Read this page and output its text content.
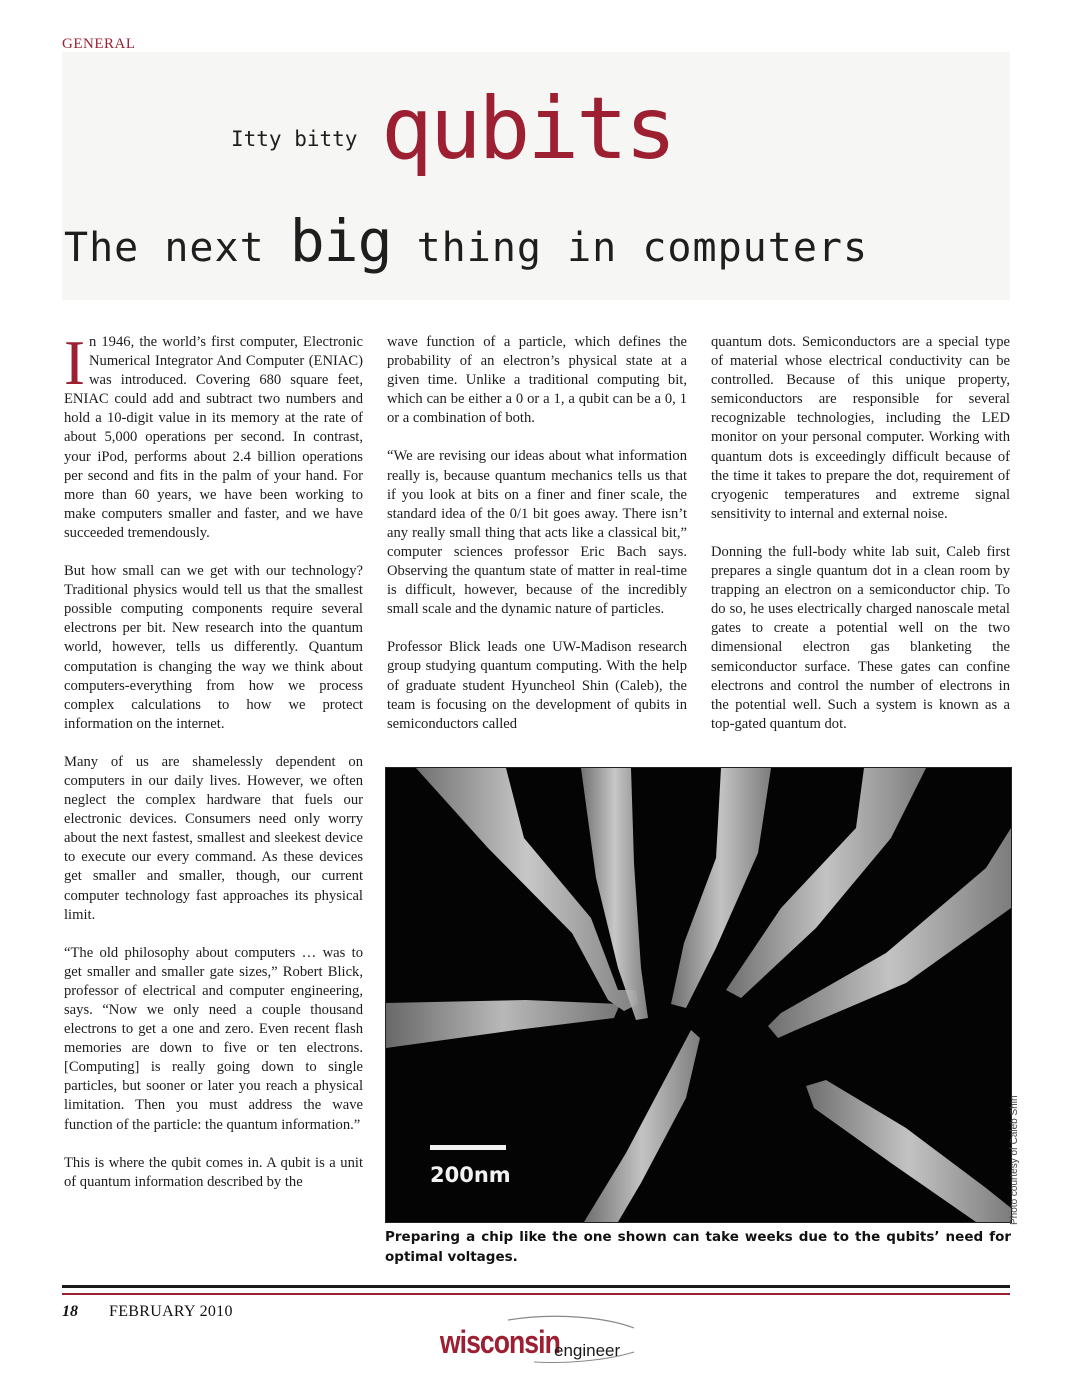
GENERAL
Itty bitty qubits
The next big thing in computers

In 1946, the world’s first computer, Electronic Numerical Integrator And Computer (ENIAC) was introduced. Covering 680 square feet, ENIAC could add and subtract two numbers and hold a 10-digit value in its memory at the rate of about 5,000 operations per second. In contrast, your iPod, performs about 2.4 billion operations per second and fits in the palm of your hand. For more than 60 years, we have been working to make computers smaller and faster, and we have succeeded tremendously.

But how small can we get with our technology? Traditional physics would tell us that the smallest possible computing components require several electrons per bit. New research into the quantum world, however, tells us differently. Quantum computation is changing the way we think about computers-everything from how we process complex calculations to how we protect information on the internet.

Many of us are shamelessly dependent on computers in our daily lives. However, we often neglect the complex hardware that fuels our electronic devices. Consumers need only worry about the next fastest, smallest and sleekest device to execute our every command. As these devices get smaller and smaller, though, our current computer technology fast approaches its physical limit.

“The old philosophy about computers … was to get smaller and smaller gate sizes,” Robert Blick, professor of electrical and computer engineering, says. “Now we only need a couple thousand electrons to get a one and zero. Even recent flash memories are down to five or ten electrons. [Computing] is really going down to single particles, but sooner or later you reach a physical limitation. Then you must address the wave function of the particle: the quantum information.”

This is where the qubit comes in. A qubit is a unit of quantum information described by the

wave function of a particle, which defines the probability of an electron’s physical state at a given time. Unlike a traditional computing bit, which can be either a 0 or a 1, a qubit can be a 0, 1 or a combination of both.

“We are revising our ideas about what information really is, because quantum mechanics tells us that if you look at bits on a finer and finer scale, the standard idea of the 0/1 bit goes away. There isn’t any really small thing that acts like a classical bit,” computer sciences professor Eric Bach says. Observing the quantum state of matter in real-time is difficult, however, because of the incredibly small scale and the dynamic nature of particles.

Professor Blick leads one UW-Madison research group studying quantum computing. With the help of graduate student Hyuncheol Shin (Caleb), the team is focusing on the development of qubits in semiconductors called

quantum dots. Semiconductors are a special type of material whose electrical conductivity can be controlled. Because of this unique property, semiconductors are responsible for several recognizable technologies, including the LED monitor on your personal computer. Working with quantum dots is exceedingly difficult because of the time it takes to prepare the dot, requirement of cryogenic temperatures and extreme signal sensitivity to internal and external noise.

Donning the full-body white lab suit, Caleb first prepares a single quantum dot in a clean room by trapping an electron on a semiconductor chip. To do so, he uses electrically charged nanoscale metal gates to create a potential well on the two dimensional electron gas blanketing the semiconductor surface. These gates can confine electrons and control the number of electrons in the potential well. Such a system is known as a top-gated quantum dot.

200nm	Photo courtesy of Caleb Shin
Preparing a chip like the one shown can take weeks due to the qubits’ need for optimal voltages.
18 FEBRUARY 2010
wisconsin
engineer
